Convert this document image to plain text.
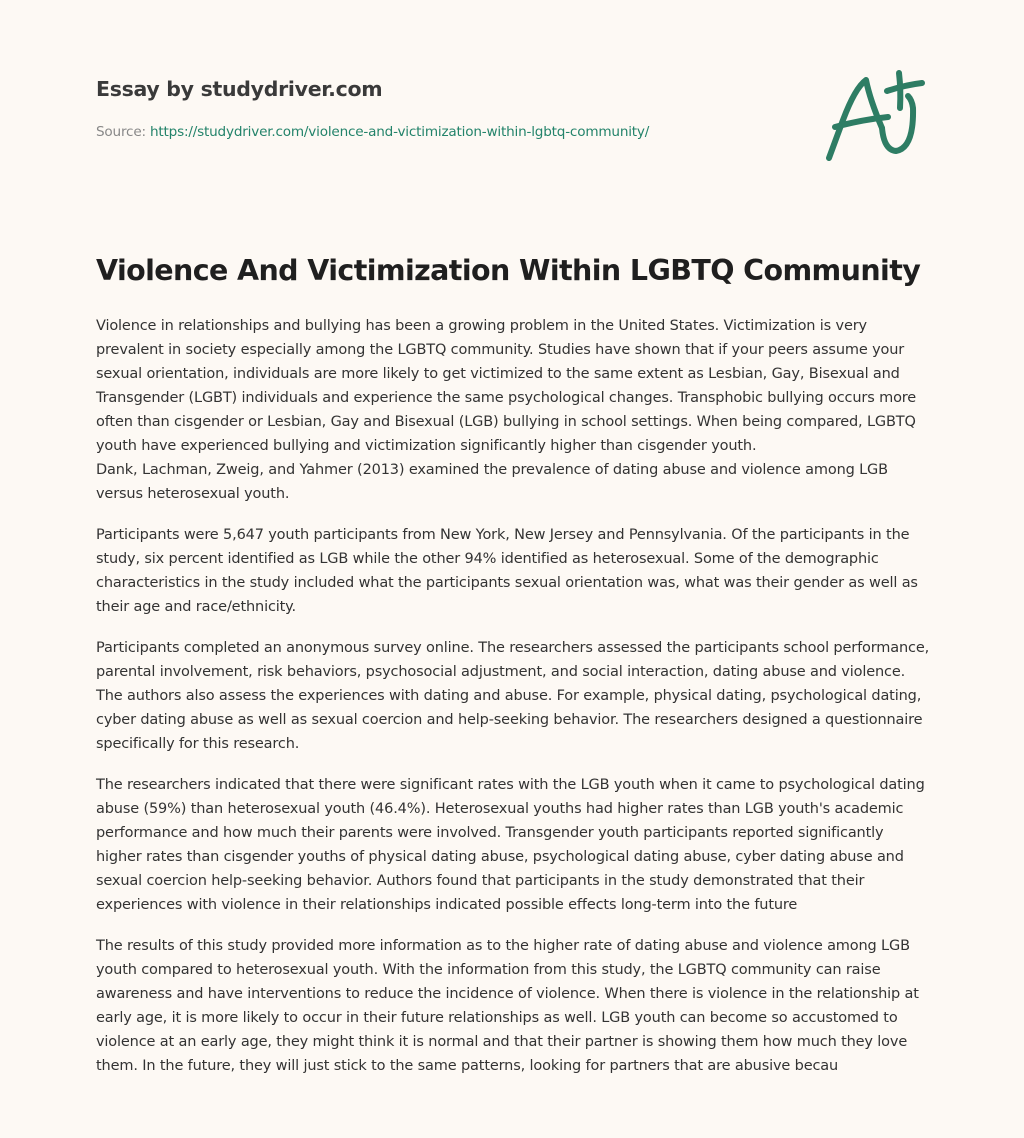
Essay by studydriver.com
Source: https://studydriver.com/violence-and-victimization-within-lgbtq-community/
Violence And Victimization Within LGBTQ Community

Violence in relationships and bullying has been a growing problem in the United States. Victimization is very prevalent in society especially among the LGBTQ community. Studies have shown that if your peers assume your sexual orientation, individuals are more likely to get victimized to the same extent as Lesbian, Gay, Bisexual and Transgender (LGBT) individuals and experience the same psychological changes. Transphobic bullying occurs more often than cisgender or Lesbian, Gay and Bisexual (LGB) bullying in school settings. When being compared, LGBTQ youth have experienced bullying and victimization significantly higher than cisgender youth.
Dank, Lachman, Zweig, and Yahmer (2013) examined the prevalence of dating abuse and violence among LGB versus heterosexual youth.

Participants were 5,647 youth participants from New York, New Jersey and Pennsylvania. Of the participants in the study, six percent identified as LGB while the other 94% identified as heterosexual. Some of the demographic characteristics in the study included what the participants sexual orientation was, what was their gender as well as their age and race/ethnicity.

Participants completed an anonymous survey online. The researchers assessed the participants school performance, parental involvement, risk behaviors, psychosocial adjustment, and social interaction, dating abuse and violence. The authors also assess the experiences with dating and abuse. For example, physical dating, psychological dating, cyber dating abuse as well as sexual coercion and help-seeking behavior. The researchers designed a questionnaire specifically for this research.

The researchers indicated that there were significant rates with the LGB youth when it came to psychological dating abuse (59%) than heterosexual youth (46.4%). Heterosexual youths had higher rates than LGB youth's academic performance and how much their parents were involved. Transgender youth participants reported significantly higher rates than cisgender youths of physical dating abuse, psychological dating abuse, cyber dating abuse and sexual coercion help-seeking behavior. Authors found that participants in the study demonstrated that their experiences with violence in their relationships indicated possible effects long-term into the future

The results of this study provided more information as to the higher rate of dating abuse and violence among LGB youth compared to heterosexual youth. With the information from this study, the LGBTQ community can raise awareness and have interventions to reduce the incidence of violence. When there is violence in the relationship at early age, it is more likely to occur in their future relationships as well. LGB youth can become so accustomed to violence at an early age, they might think it is normal and that their partner is showing them how much they love them. In the future, they will just stick to the same patterns, looking for partners that are abusive becau
